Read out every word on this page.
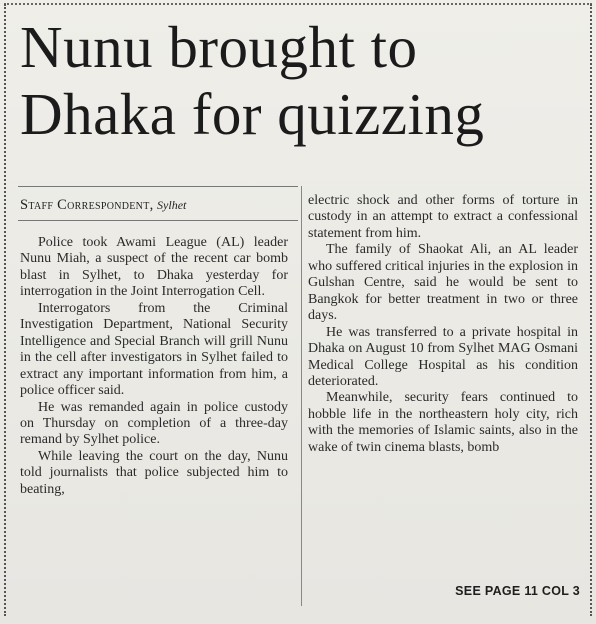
Nunu brought to
Dhaka for quizzing
Staff Correspondent, Sylhet

Police took Awami League (AL) leader Nunu Miah, a suspect of the recent car bomb blast in Sylhet, to Dhaka yesterday for interrogation in the Joint Interrogation Cell.

Interrogators from the Criminal Investigation Department, National Security Intelligence and Special Branch will grill Nunu in the cell after investigators in Sylhet failed to extract any important information from him, a police officer said.

He was remanded again in police custody on Thursday on completion of a three-day remand by Sylhet police.

While leaving the court on the day, Nunu told journalists that police subjected him to beating,

electric shock and other forms of torture in custody in an attempt to extract a confessional statement from him.

The family of Shaokat Ali, an AL leader who suffered critical injuries in the explosion in Gulshan Centre, said he would be sent to Bangkok for better treatment in two or three days.

He was transferred to a private hospital in Dhaka on August 10 from Sylhet MAG Osmani Medical College Hospital as his condition deteriorated.

Meanwhile, security fears continued to hobble life in the northeastern holy city, rich with the memories of Islamic saints, also in the wake of twin cinema blasts, bomb

SEE PAGE 11 COL 3
